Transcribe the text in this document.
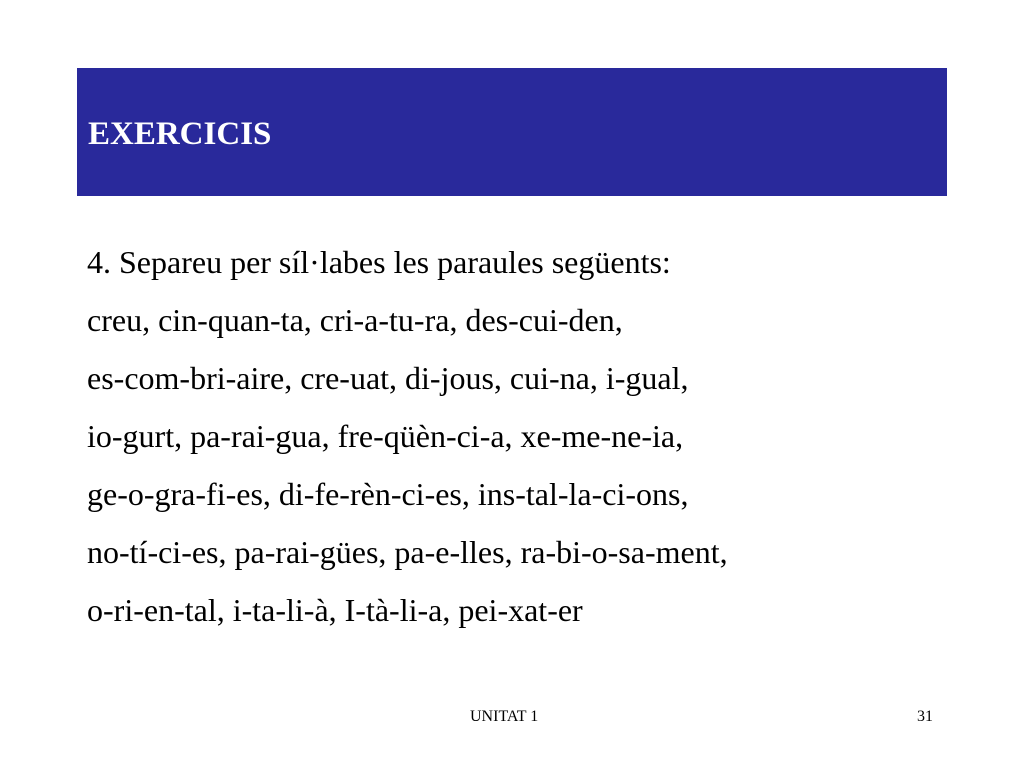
EXERCICIS
4. Separeu per síl·labes les paraules següents:
creu, cin-quan-ta, cri-a-tu-ra, des-cui-den,
es-com-bri-aire, cre-uat, di-jous, cui-na, i-gual,
io-gurt, pa-rai-gua, fre-qüèn-ci-a, xe-me-ne-ia,
ge-o-gra-fi-es, di-fe-rèn-ci-es, ins-tal-la-ci-ons,
no-tí-ci-es, pa-rai-gües, pa-e-lles, ra-bi-o-sa-ment,
o-ri-en-tal, i-ta-li-à, I-tà-li-a, pei-xat-er
UNITAT 1	31
